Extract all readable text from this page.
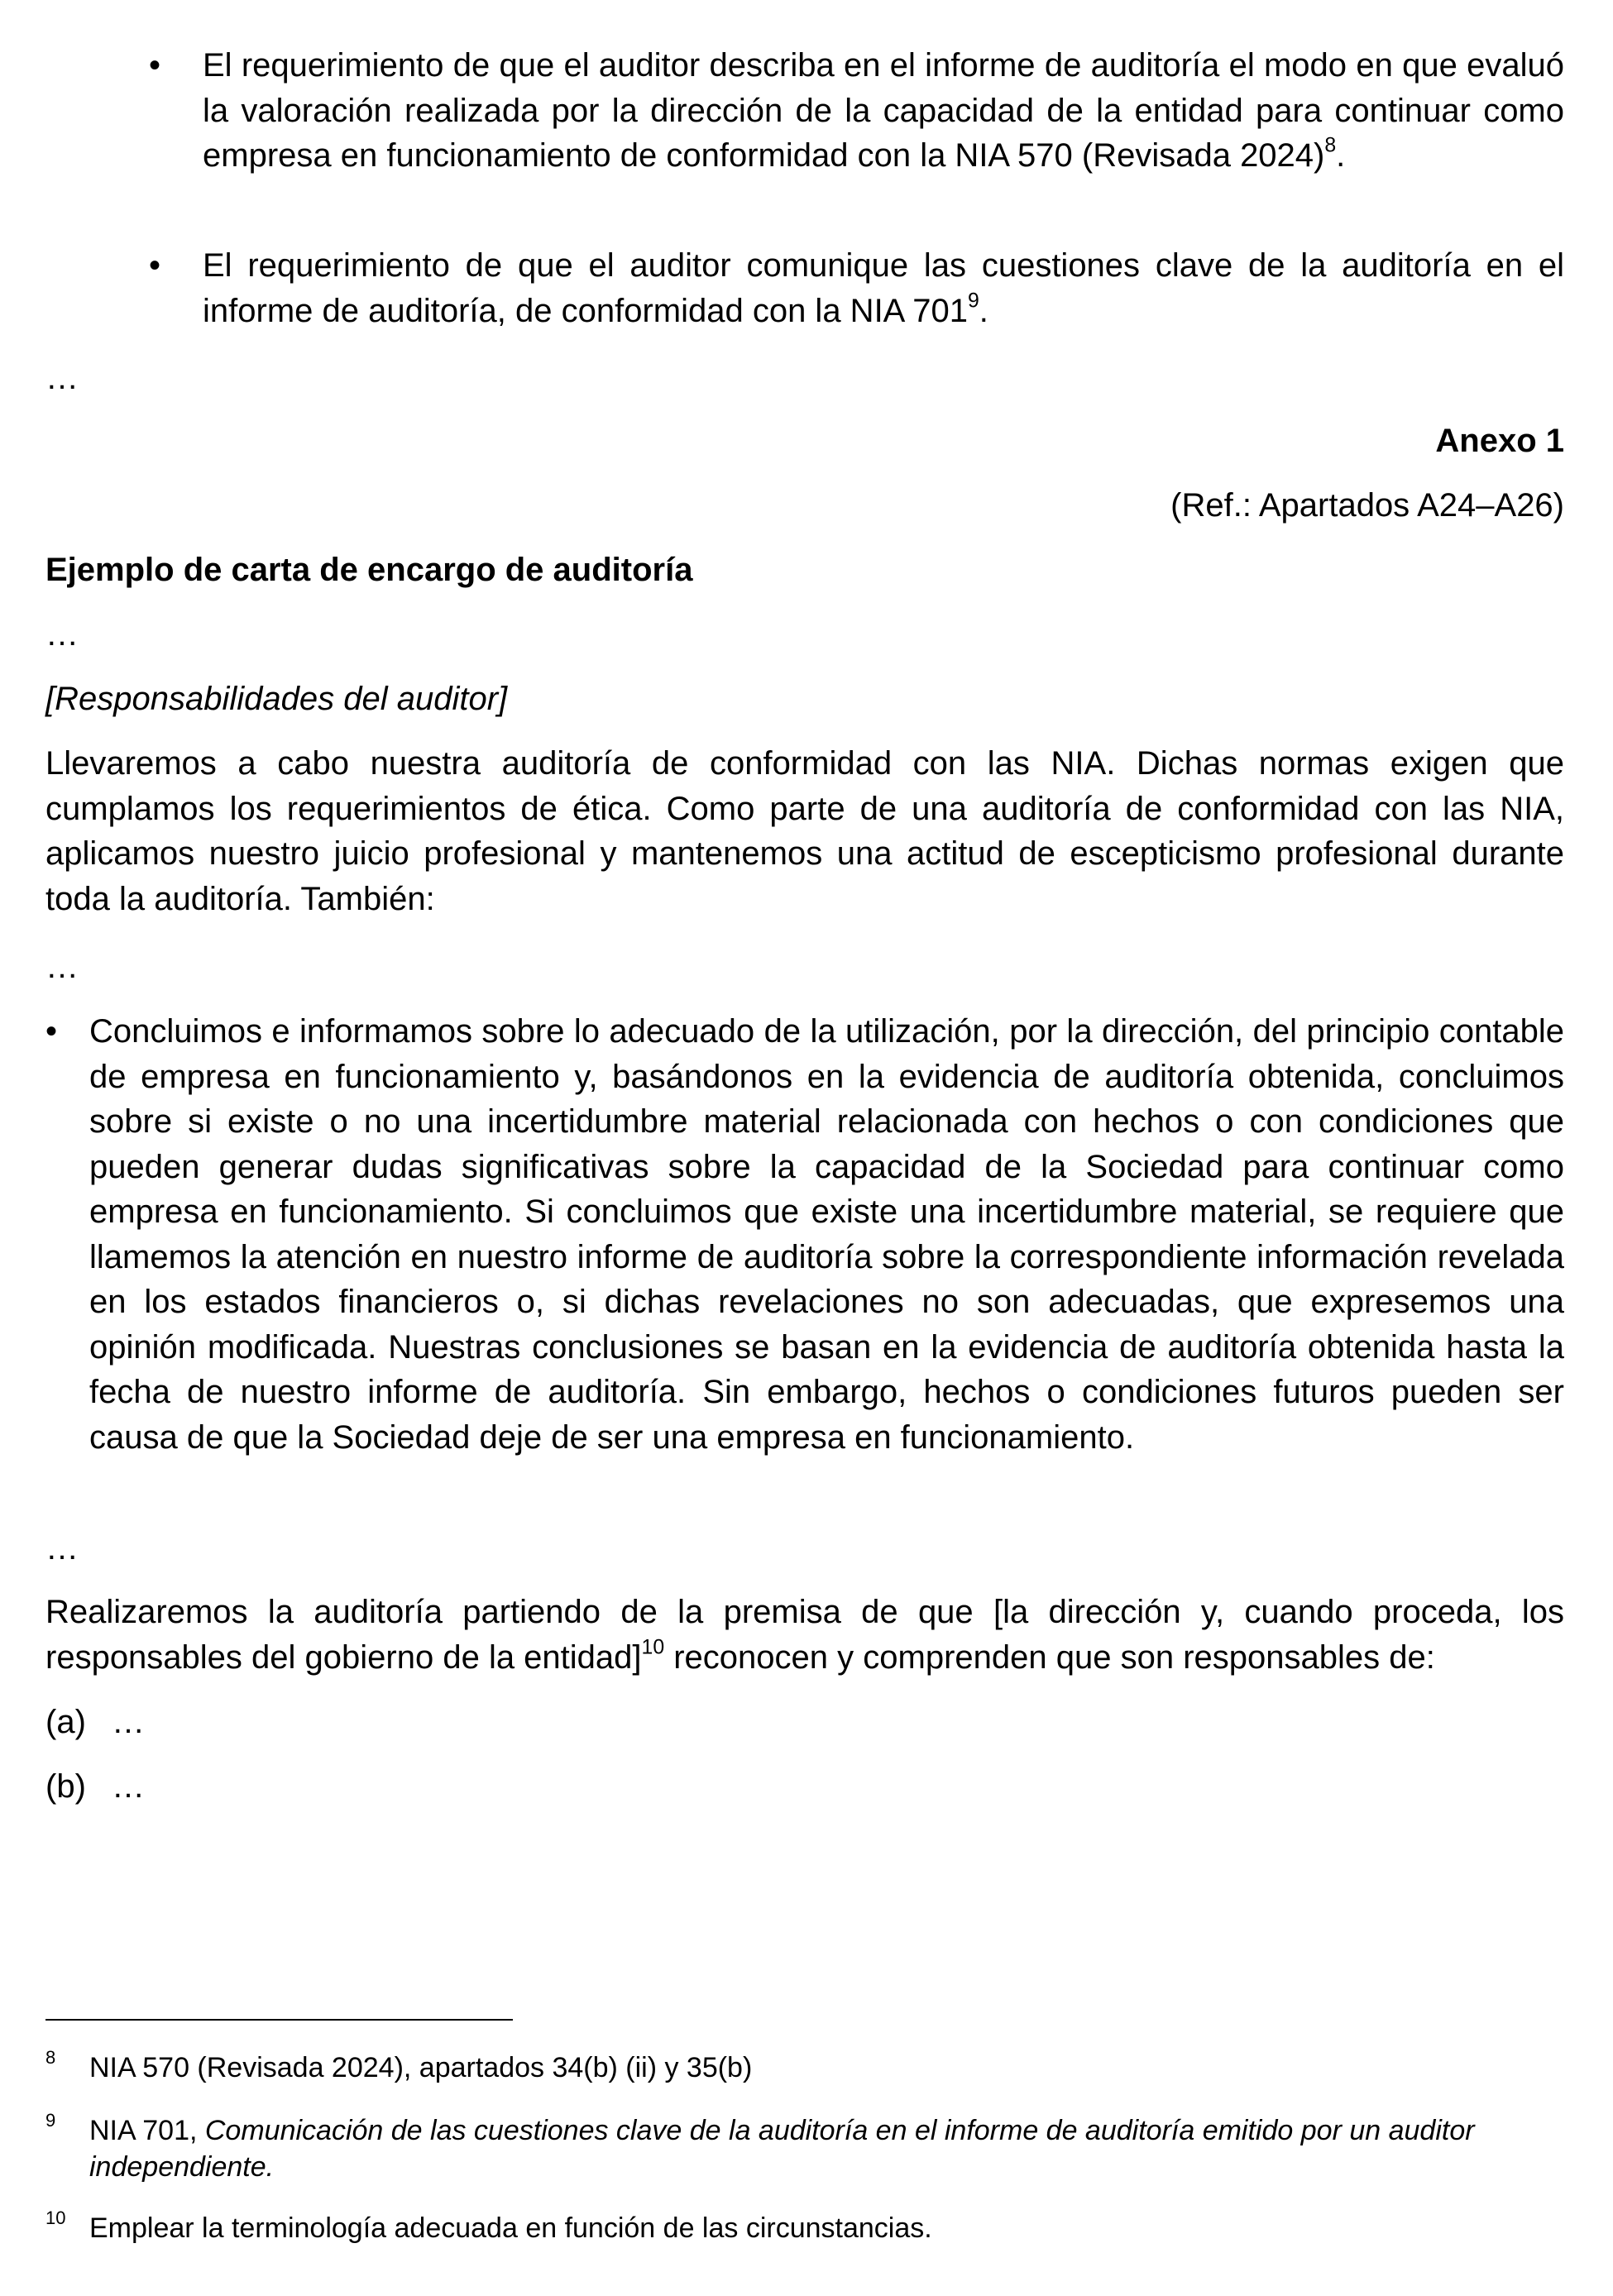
• El requerimiento de que el auditor describa en el informe de auditoría el modo en que evaluó la valoración realizada por la dirección de la capacidad de la entidad para continuar como empresa en funcionamiento de conformidad con la NIA 570 (Revisada 2024)$^8$.
• El requerimiento de que el auditor comunique las cuestiones clave de la auditoría en el informe de auditoría, de conformidad con la NIA $701^9$.
…
Anexo 1
(Ref.: Apartados A24–A26)
Ejemplo de carta de encargo de auditoría
…
[Responsabilidades del auditor]
Llevaremos a cabo nuestra auditoría de conformidad con las NIA. Dichas normas exigen que cumplamos los requerimientos de ética. Como parte de una auditoría de conformidad con las NIA, aplicamos nuestro juicio profesional y mantenemos una actitud de escepticismo profesional durante toda la auditoría. También:
…
• Concluimos e informamos sobre lo adecuado de la utilización, por la dirección, del principio contable de empresa en funcionamiento y, basándonos en la evidencia de auditoría obtenida, concluimos sobre si existe o no una incertidumbre material relacionada con hechos o con condiciones que pueden generar dudas significativas sobre la capacidad de la Sociedad para continuar como empresa en funcionamiento. Si concluimos que existe una incertidumbre material, se requiere que llamemos la atención en nuestro informe de auditoría sobre la correspondiente información revelada en los estados financieros o, si dichas revelaciones no son adecuadas, que expresemos una opinión modificada. Nuestras conclusiones se basan en la evidencia de auditoría obtenida hasta la fecha de nuestro informe de auditoría. Sin embargo, hechos o condiciones futuros pueden ser causa de que la Sociedad deje de ser una empresa en funcionamiento.
…
Realizaremos la auditoría partiendo de la premisa de que [la dirección y, cuando proceda, los responsables del gobierno de la entidad]$^{10}$ reconocen y comprenden que son responsables de:
(a) …
(b) …
8 NIA 570 (Revisada 2024), apartados 34(b) (ii) y 35(b)
9 NIA 701, Comunicación de las cuestiones clave de la auditoría en el informe de auditoría emitido por un auditor independiente.
10 Emplear la terminología adecuada en función de las circunstancias.
